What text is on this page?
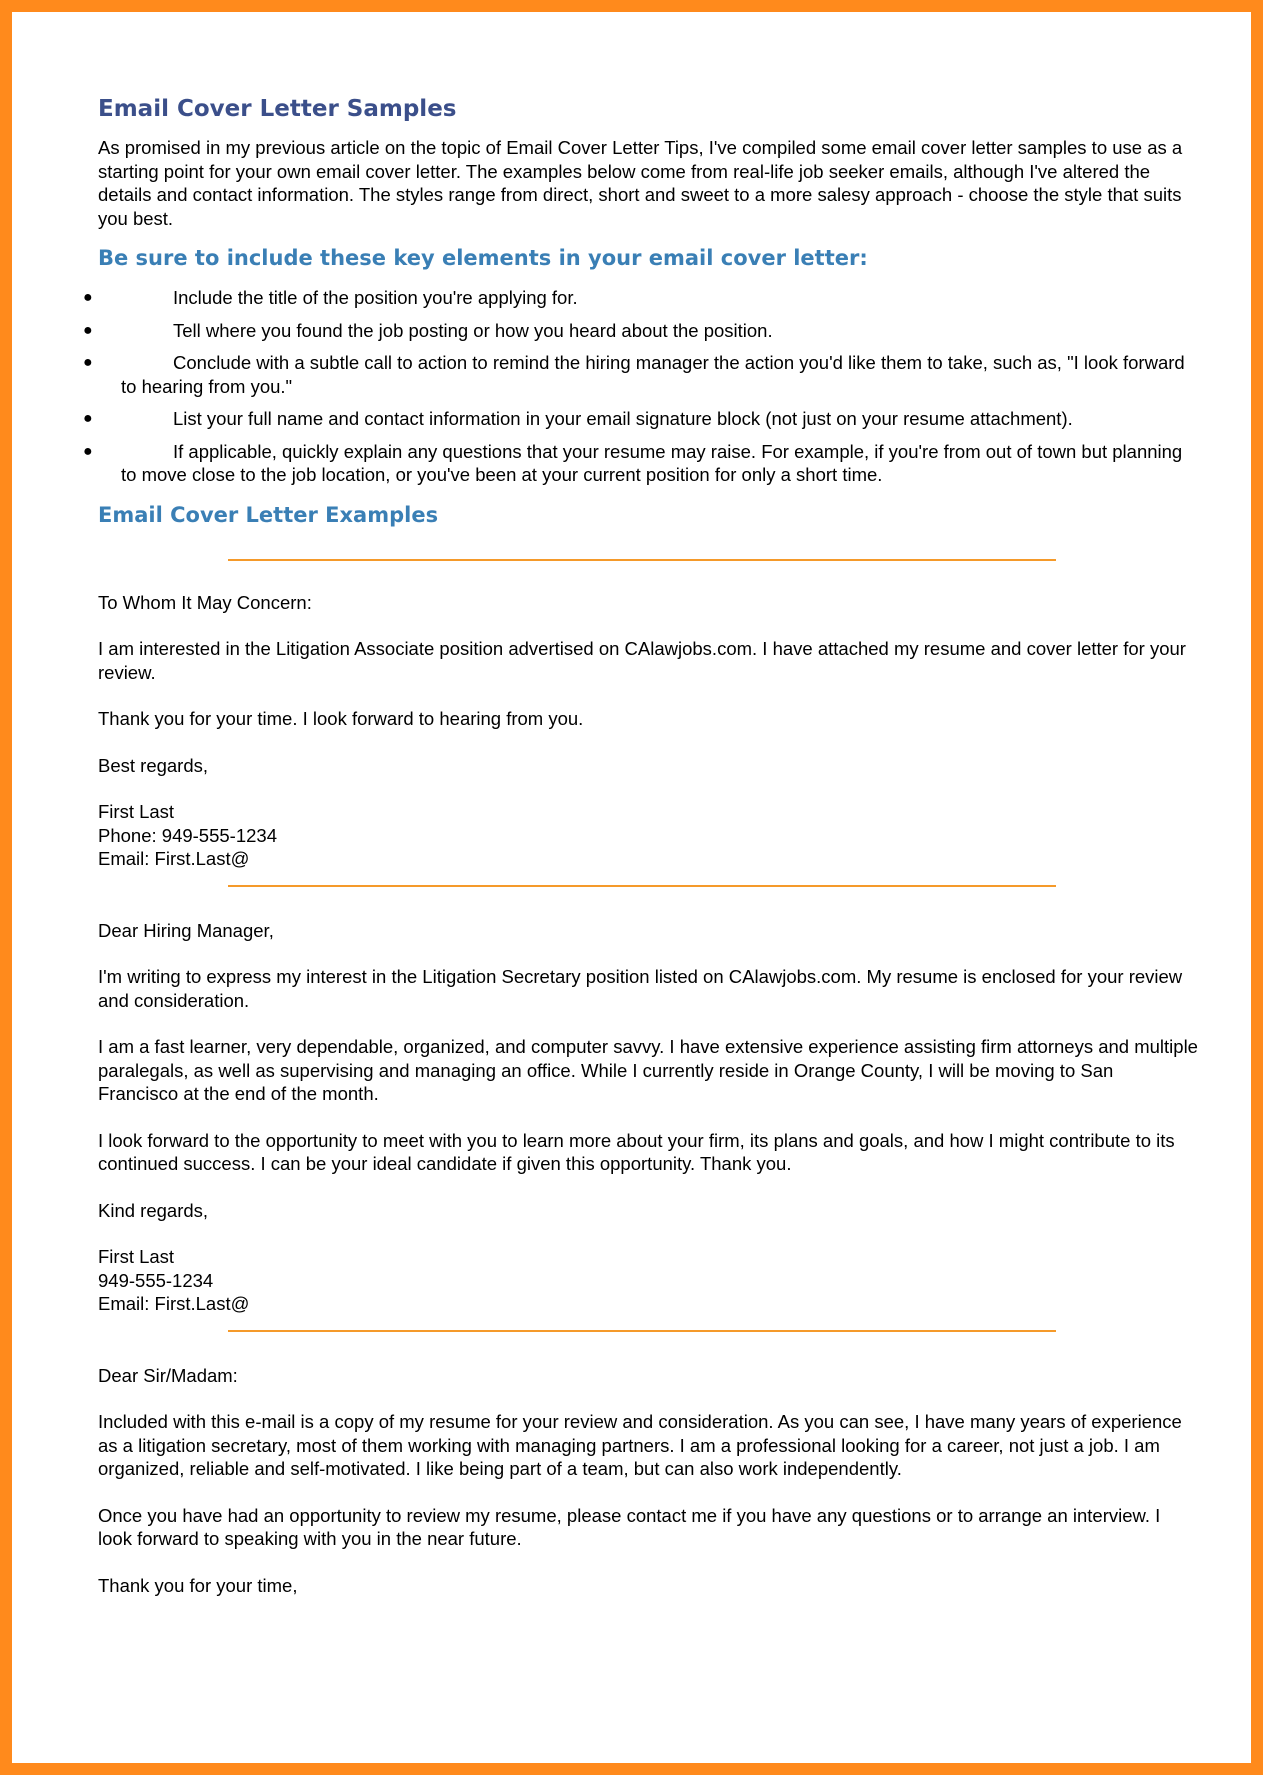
Email Cover Letter Samples

As promised in my previous article on the topic of Email Cover Letter Tips, I've compiled some email cover letter samples to use as a starting point for your own email cover letter. The examples below come from real-life job seeker emails, although I've altered the details and contact information. The styles range from direct, short and sweet to a more salesy approach - choose the style that suits you best.

Be sure to include these key elements in your email cover letter:
●	Include the title of the position you're applying for.
●	Tell where you found the job posting or how you heard about the position.
●	Conclude with a subtle call to action to remind the hiring manager the action you'd like them to take, such as, "I look forward to hearing from you."
●	List your full name and contact information in your email signature block (not just on your resume attachment).
●	If applicable, quickly explain any questions that your resume may raise. For example, if you're from out of town but planning to move close to the job location, or you've been at your current position for only a short time.
Email Cover Letter Examples

To Whom It May Concern:

I am interested in the Litigation Associate position advertised on CAlawjobs.com. I have attached my resume and cover letter for your review.

Thank you for your time. I look forward to hearing from you.

Best regards,

First Last
Phone: 949-555-1234
Email: First.Last@

Dear Hiring Manager,

I'm writing to express my interest in the Litigation Secretary position listed on CAlawjobs.com. My resume is enclosed for your review and consideration.

I am a fast learner, very dependable, organized, and computer savvy. I have extensive experience assisting firm attorneys and multiple paralegals, as well as supervising and managing an office. While I currently reside in Orange County, I will be moving to San Francisco at the end of the month.

I look forward to the opportunity to meet with you to learn more about your firm, its plans and goals, and how I might contribute to its continued success. I can be your ideal candidate if given this opportunity. Thank you.

Kind regards,

First Last
949-555-1234
Email: First.Last@

Dear Sir/Madam:

Included with this e-mail is a copy of my resume for your review and consideration. As you can see, I have many years of experience as a litigation secretary, most of them working with managing partners. I am a professional looking for a career, not just a job. I am organized, reliable and self-motivated. I like being part of a team, but can also work independently.

Once you have had an opportunity to review my resume, please contact me if you have any questions or to arrange an interview. I look forward to speaking with you in the near future.

Thank you for your time,
